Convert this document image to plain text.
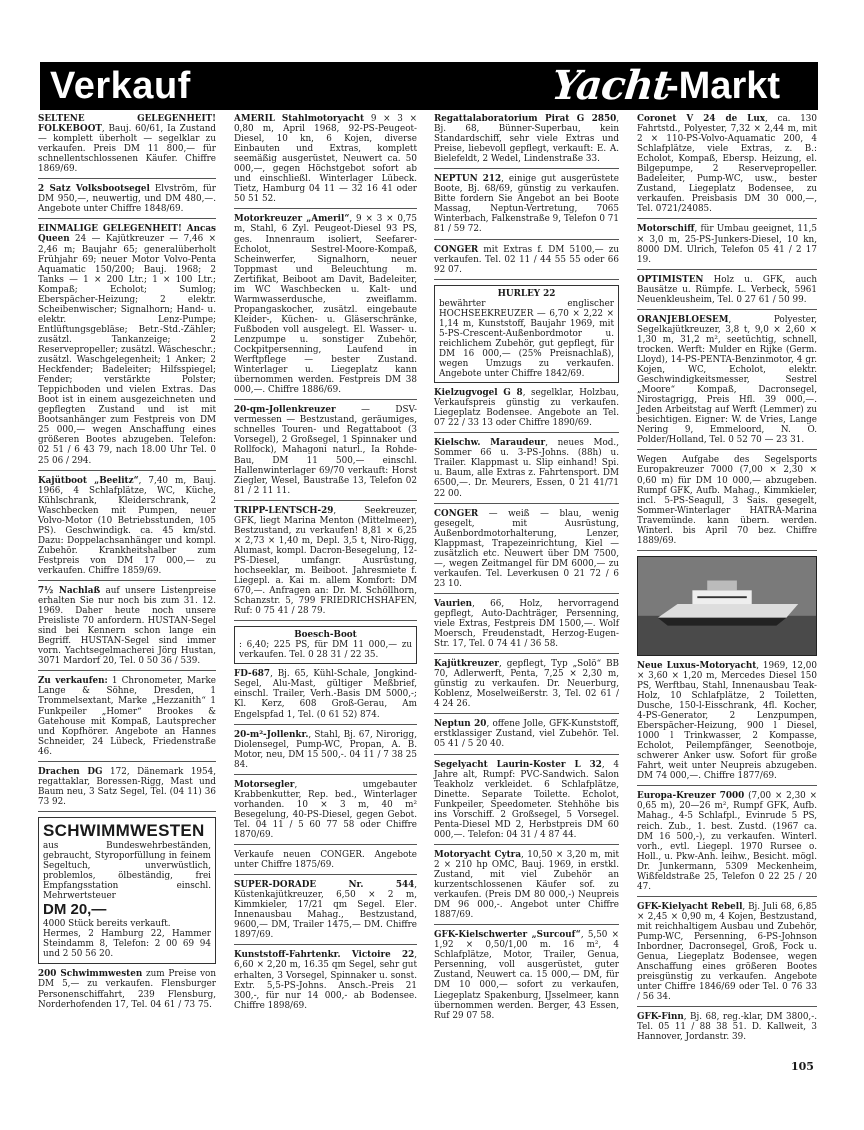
Verkauf	Yacht
-Markt
SELTENE GELEGENHEIT! FOLKEBOOT, Bauj. 60/61, Iа Zustand — komplett überholt — segelklar zu verkaufen. Preis DM 11 800,— für schnellentschlossenen Käufer. Chiffre 1869/69.
2 Satz Volksbootsegel Elvström, für DM 950,—, neuwertig, und DM 480,—. Angebote unter Chiffre 1848/69.
EINMALIGE GELEGENHEIT! Ancas Queen 24 — Kajütkreuzer — 7,46 × 2,46 m; Baujahr 65; generalüberholt Frühjahr 69; neuer Motor Volvo-Penta Aquamatic 150/200; Bauj. 1968; 2 Tanks — 1 × 200 Ltr.; 1 × 100 Ltr.; Kompaß; Echolot; Sumlog; Eberspächer-Heizung; 2 elektr. Scheibenwischer; Signalhorn; Hand- u. elektr. Lenz-Pumpe; Entlüftungsgebläse; Betr.-Std.-Zähler; zusätzl. Tankanzeige; 2 Reservepropeller; zusätzl. Wäscheschr.; zusätzl. Waschgelegenheit; 1 Anker; 2 Heckfender; Badeleiter; Hilfsspiegel; Fender; verstärkte Polster; Teppichboden und vielen Extras. Das Boot ist in einem ausgezeichneten und gepflegten Zustand und ist mit Bootsanhänger zum Festpreis von DM 25 000,— wegen Anschaffung eines größeren Bootes abzugeben. Telefon: 02 51 / 6 43 79, nach 18.00 Uhr Tel. 0 25 06 / 294.
Kajütboot „Beelitz“, 7,40 m, Bauj. 1966, 4 Schlafplätze, WC, Küche, Kühlschrank, Kleiderschrank, 2 Waschbecken mit Pumpen, neuer Volvo-Motor (10 Betriebsstunden, 105 PS). Geschwindigk. ca. 45 km/std. Dazu: Doppelachsanhänger und kompl. Zubehör. Krankheitshalber zum Festpreis von DM 17 000,— zu verkaufen. Chiffre 1859/69.
7½ Nachlaß auf unsere Listenpreise erhalten Sie nur noch bis zum 31. 12. 1969. Daher heute noch unsere Preisliste 70 anfordern. HUSTAN-Segel sind bei Kennern schon lange ein Begriff. HUSTAN-Segel sind immer vorn. Yachtsegelmacherei Jörg Hustan, 3071 Mardorf 20, Tel. 0 50 36 / 539.
Zu verkaufen: 1 Chronometer, Marke Lange & Söhne, Dresden, 1 Trommelsextant, Marke „Hezzanith“ 1 Funkpeiler „Homer“ Brookes & Gatehouse mit Kompaß, Lautsprecher und Kopfhörer. Angebote an Hannes Schneider, 24 Lübeck, Friedenstraße 46.
Drachen DG 172, Dänemark 1954, regattaklar, Boressen-Rigg, Mast und Baum neu, 3 Satz Segel, Tel. (04 11) 36 73 92.
SCHWIMMWESTEN
aus Bundeswehrbeständen, gebraucht, Styroporfüllung in feinem Segeltuch, unverwüstlich, problemlos, ölbeständig, frei Empfangsstation einschl. Mehrwertsteuer
DM 20,—
4000 Stück bereits verkauft.
Hermes, 2 Hamburg 22, Hammer Steindamm 8, Telefon: 2 00 69 94 und 2 50 56 20.
200 Schwimmwesten zum Preise von DM 5,— zu verkaufen. Flensburger Personenschiffahrt, 239 Flensburg, Norderhofenden 17, Tel. 04 61 / 73 75.
AMERIL Stahlmotoryacht 9 × 3 × 0,80 m, April 1968, 92-PS-Peugeot-Diesel, 10 kn, 6 Kojen, diverse Einbauten und Extras, komplett seemäßig ausgerüstet, Neuwert ca. 50 000,—, gegen Höchstgebot sofort ab und einschließl. Winterlager Lübeck. Tietz, Hamburg 04 11 — 32 16 41 oder 50 51 52.
Motorkreuzer „Ameril“, 9 × 3 × 0,75 m, Stahl, 6 Zyl. Peugeot-Diesel 93 PS, ges. Innenraum isoliert, Seefarer-Echolot, Sestrel-Moore-Kompaß, Scheinwerfer, Signalhorn, neuer Toppmast und Beleuchtung m. Zertifikat, Beiboot am Davit, Badeleiter, im WC Waschbecken u. Kalt- und Warmwasserdusche, zweiflamm. Propangaskocher, zusätzl. eingebaute Kleider-, Küchen- u. Gläserschränke, Fußboden voll ausgelegt. El. Wasser- u. Lenzpumpe u. sonstiger Zubehör, Cockpitpersenning, Laufend in Werftpflege — bester Zustand. Winterlager u. Liegeplatz kann übernommen werden. Festpreis DM 38 000,—. Chiffre 1886/69.
20-qm-Jollenkreuzer — DSV-vermessen — Bestzustand, geräumiges, schnelles Touren- und Regattaboot (3 Vorsegel), 2 Großsegel, 1 Spinnaker und Rollfock), Mahagoni naturl., Ia Rohde-Bau, DM 11 500,— einschl. Hallenwinterlager 69/70 verkauft: Horst Ziegler, Wesel, Baustraße 13, Telefon 02 81 / 2 11 11.
TRIPP-LENTSCH-29, Seekreuzer, GFK, liegt Marina Menton (Mittelmeer), Bestzustand, zu verkaufen! 8,81 × 6,25 × 2,73 × 1,40 m, Depl. 3,5 t, Niro-Rigg, Alumast, kompl. Dacron-Besegelung, 12-PS-Diesel, umfangr. Ausrüstung, hochseeklar, m. Beiboot. Jahresmiete f. Liegepl. a. Kai m. allem Komfort: DM 670,—. Anfragen an: Dr. M. Schöllhorn, Schanzstr. 5, 799 FRIEDRICHSHAFEN, Ruf: 0 75 41 / 28 79.
Boesch-Boot
: 6,40; 225 PS, für DM 11 000,— zu verkaufen. Tel. 0 28 31 / 22 35.
FD-687, Bj. 65, Kühl-Schale, Jongkind-Segel, Alu-Mast, gültiger Meßbrief, einschl. Trailer, Verh.-Basis DM 5000,-; Kl. Kerz, 608 Groß-Gerau, Am Engelspfad 1, Tel. (0 61 52) 874.
20-m²-Jollenkr., Stahl, Bj. 67, Nirorigg, Diolensegel, Pump-WC, Propan, A. B. Motor, neu, DM 15 500,-. 04 11 / 7 38 25 84.
Motorsegler, umgebauter Krabbenkutter, Rep. bed., Winterlager vorhanden. 10 × 3 m, 40 m² Besegelung, 40-PS-Diesel, gegen Gebot. Tel. 04 11 / 5 60 77 58 oder Chiffre 1870/69.
Verkaufe neuen CONGER. Angebote unter Chiffre 1875/69.
SUPER-DORADE Nr. 544, Küstenkajütkreuzer, 6,50 × 2 m, Kimmkieler, 17/21 qm Segel. Elег. Innenausbau Mahag., Bestzustand, 9600,— DM, Trailer 1475,— DM. Chiffre 1897/69.
Kunststoff-Fahrtenkr. Victoire 22, 6,60 × 2,20 m, 16.35 qm Segel, sehr gut erhalten, 3 Vorsegel, Spinnaker u. sonst. Extr. 5,5-PS-Johns. Ansch.-Preis 21 300,-, für nur 14 000,- ab Bodensee. Chiffre 1898/69.
Regattalaboratorium Pirat G 2850, Bj. 68, Bünner-Superbau, kein Standardschiff, sehr viele Extras und Preise, liebevoll gepflegt, verkauft: E. A. Bielefeldt, 2 Wedel, Lindenstraße 33.
NEPTUN 212, einige gut ausgerüstete Boote, Bj. 68/69, günstig zu verkaufen. Bitte fordern Sie Angebot an bei Boote Massag, Neptun-Vertretung, 7065 Winterbach, Falkenstraße 9, Telefon 0 71 81 / 59 72.
CONGER mit Extras f. DM 5100,— zu verkaufen. Tel. 02 11 / 44 55 55 oder 66 92 07.
HURLEY 22
bewährter englischer HOCHSEEKREUZER — 6,70 × 2,22 × 1,14 m, Kunststoff, Baujahr 1969, mit 5-PS-Crescent-Außenbordmotor u. reichlichem Zubehör, gut gepflegt, für DM 16 000,— (25% Preisnachlaß), wegen Umzugs zu verkaufen. Angebote unter Chiffre 1842/69.
Kielzugvogel G 8, segelklar, Holzbau, Verkaufspreis günstig zu verkaufen. Liegeplatz Bodensee. Angebote an Tel. 07 22 / 33 13 oder Chiffre 1890/69.
Kielschw. Maraudeur, neues Mod., Sommer 66 u. 3-PS-Johns. (88h) u. Trailer. Klappmast u. Slip einhand! Spi. u. Baum, alle Extras z. Fahrtensport. DM 6500,—. Dr. Meurers, Essen, 0 21 41/71 22 00.
CONGER — weiß — blau, wenig gesegelt, mit Ausrüstung, Außenbordmotorhalterung, Lenzer, Klappmast, Trapezeinrichtung, Kiel — zusätzlich etc. Neuwert über DM 7500,—, wegen Zeitmangel für DM 6000,— zu verkaufen. Tel. Leverkusen 0 21 72 / 6 23 10.
Vaurien, 66, Holz, hervorragend gepflegt, Auto-Dachträger, Persenning, viele Extras, Festpreis DM 1500,—. Wolf Moersch, Freudenstadt, Herzog-Eugen-Str. 17, Tel. 0 74 41 / 36 58.
Kajütkreuzer, gepflegt, Typ „Solö“ BB 70, Adlerwerft, Penta, 7,25 × 2,30 m, günstig zu verkaufen. Dr. Neuerburg, Koblenz, Moselweißerstr. 3, Tel. 02 61 / 4 24 26.
Neptun 20, offene Jolle, GFK-Kunststoff, erstklassiger Zustand, viel Zubehör. Tel. 05 41 / 5 20 40.
Segelyacht Laurin-Koster L 32, 4 Jahre alt, Rumpf: PVC-Sandwich. Salon Teakholz verkleidet. 6 Schlafplätze, Dinette. Separate Toilette. Echolot, Funkpeiler, Speedometer. Stehhöhe bis ins Vorschiff. 2 Großsegel, 5 Vorsegel. Penta-Diesel MD 2, Herbstpreis DM 60 000,—. Telefon: 04 31 / 4 87 44.
Motoryacht Cytra, 10,50 × 3,20 m, mit 2 × 210 hp OMC, Bauj. 1969, in erstkl. Zustand, mit viel Zubehör an kurzentschlossenen Käufer sof. zu verkaufen. (Preis DM 80 000,-) Neupreis DM 96 000,-. Angebot unter Chiffre 1887/69.
GFK-Kielschwerter „Surcouf“, 5,50 × 1,92 × 0,50/1,00 m. 16 m², 4 Schlafplätze, Motor, Trailer, Genua, Persenning, voll ausgerüstet, guter Zustand, Neuwert ca. 15 000,— DM, für DM 10 000,— sofort zu verkaufen, Liegeplatz Spakenburg, IJsselmeer, kann übernommen werden. Berger, 43 Essen, Ruf 29 07 58.
Coronet V 24 de Lux, ca. 130 Fahrtstd., Polyester, 7,32 × 2,44 m, mit 2 × 110-PS-Volvo-Aquamatic 200, 4 Schlafplätze, viele Extras, z. B.: Echolot, Kompaß, Ebersp. Heizung, el. Bilgepumpe, 2 Reservepropeller. Badeleiter, Pump-WC, usw., bester Zustand, Liegeplatz Bodensee, zu verkaufen. Preisbasis DM 30 000,—, Tel. 0721/24085.
Motorschiff, für Umbau geeignet, 11,5 × 3,0 m, 25-PS-Junkers-Diesel, 10 kn, 8000 DM. Ulrich, Telefon 05 41 / 2 17 19.
OPTIMISTEN Holz u. GFK, auch Bausätze u. Rümpfe. L. Verbeck, 5961 Neuenkleusheim, Tel. 0 27 61 / 50 99.
ORANJEBLOESEM, Polyester, Segelkajütkreuzer, 3,8 t, 9,0 × 2,60 × 1,30 m, 31,2 m², seetüchtig, schnell, trocken. Werft: Mulder en Rijke (Germ. Lloyd), 14-PS-PENTA-Benzinmotor, 4 gr. Kojen, WC, Echolot, elektr. Geschwindigkeitsmesser, Sestrel „Moore“ Kompaß, Dacronsegel, Nirostagrigg, Preis Hfl. 39 000,—. Jeden Arbeitstag auf Werft (Lemmer) zu besichtigen. Eigner: W. de Vries, Lange Nering 9, Emmeloord, N. O. Polder/Holland, Tel. 0 52 70 — 23 31.
Wegen Aufgabe des Segelsports Europakreuzer 7000 (7,00 × 2,30 × 0,60 m) für DM 10 000,— abzugeben. Rumpf GFK, Aufb. Mahag., Kimmkieler, incl. 5-PS-Seagull, 3 Sais. gesegelt, Sommer-Winterlager HATRA-Marina Travemünde. kann übern. werden. Winterl. bis April 70 bez. Chiffre 1889/69.
Neue Luxus-Motoryacht, 1969, 12,00 × 3,60 × 1,20 m, Mercedes Diesel 150 PS, Werftbau, Stahl, Innenausbau Teak-Holz, 10 Schlafplätze, 2 Toiletten, Dusche, 150-l-Eisschrank, 4fl. Kocher, 4-PS-Generator, 2 Lenzpumpen, Eberspächer-Heizung, 900 l Diesel, 1000 l Trinkwasser, 2 Kompasse, Echolot, Peilempfänger, Seenotboje, schwerer Anker usw. Sofort für große Fahrt, weit unter Neupreis abzugeben. DM 74 000,—. Chiffre 1877/69.
Europa-Kreuzer 7000 (7,00 × 2,30 × 0,65 m), 20—26 m², Rumpf GFK, Aufb. Mahag., 4-5 Schlafpl., Evinrude 5 PS, reich. Zub., 1. best. Zustd. (1967 ca. DM 16 500,-), zu verkaufen. Winterl. vorh., evtl. Liegepl. 1970 Rursee o. Holl., u. Pkw-Anh. leihw., Besicht. mögl. Dr. Junkermann, 5309 Meckenheim, Wißfeldstraße 25, Telefon 0 22 25 / 20 47.
GFK-Kielyacht Rebell, Bj. Juli 68, 6,85 × 2,45 × 0,90 m, 4 Kojen, Bestzustand, mit reichhaltigem Ausbau und Zubehör, Pump-WC, Persenning, 6-PS-Johnson Inbordner, Dacronsegel, Groß, Fock u. Genua, Liegeplatz Bodensee, wegen Anschaffung eines größeren Bootes preisgünstig zu verkaufen. Angebote unter Chiffre 1846/69 oder Tel. 0 76 33 / 56 34.
GFK-Finn, Bj. 68, reg.-klar, DM 3800,-. Tel. 05 11 / 88 38 51. D. Kallweit, 3 Hannover, Jordanstr. 39.
105
